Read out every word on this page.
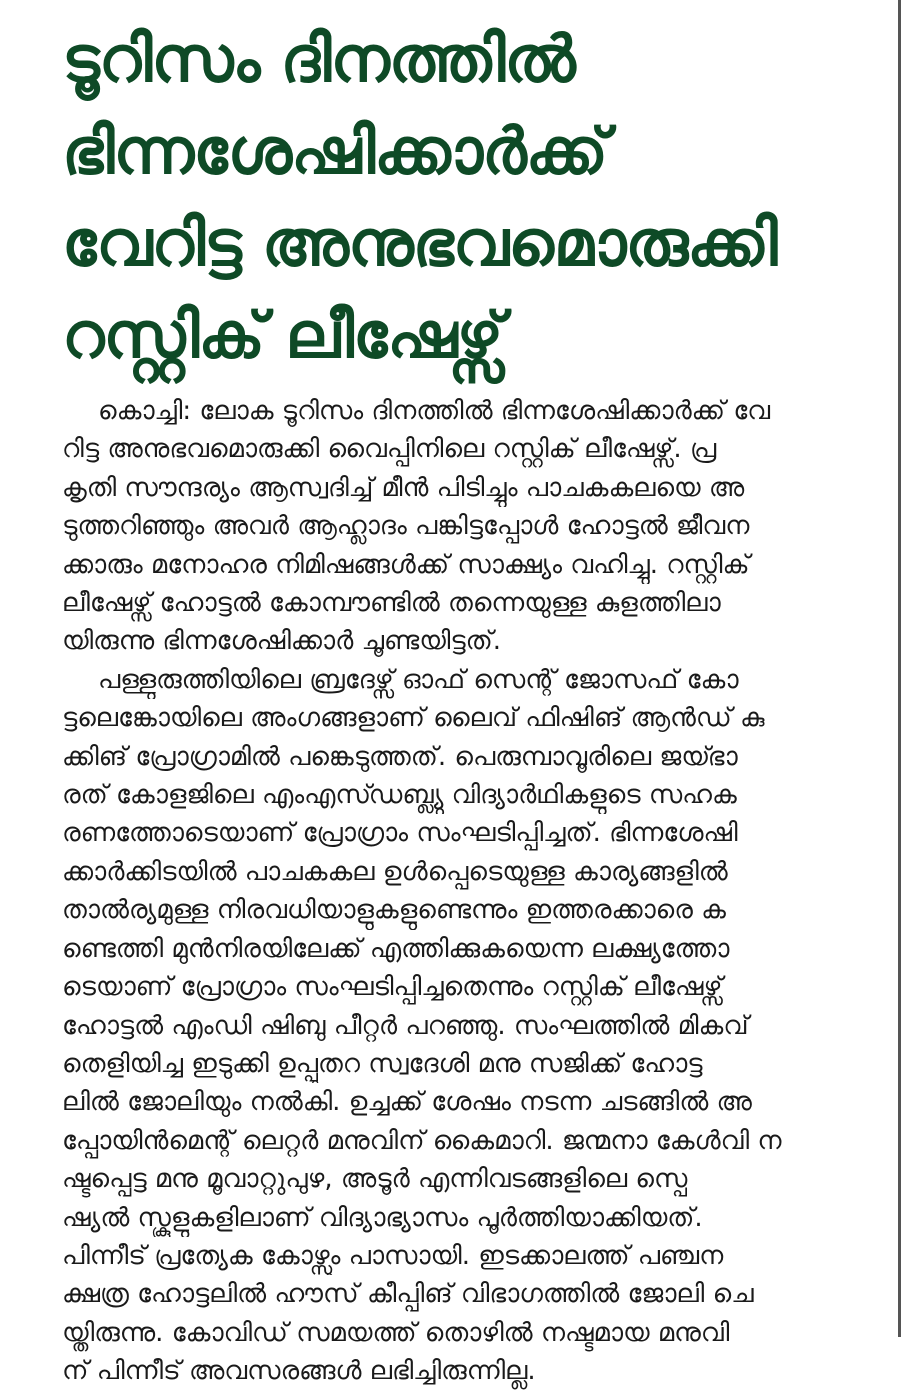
ടൂറിസം ദിനത്തിൽ
ഭിന്നശേഷിക്കാർക്ക്
വേറിട്ട അനുഭവമൊരുക്കി
റസ്റ്റിക് ലീഷേഴ്സ്
കൊച്ചി: ലോക ടൂറിസം ദിനത്തിൽ ഭിന്നശേഷിക്കാർക്ക് വേ
റിട്ട അനുഭവമൊരുക്കി വൈപ്പിനിലെ റസ്റ്റിക് ലീഷേഴ്സ്. പ്ര
കൃതി സൗന്ദര്യം ആസ്വദിച്ച് മീൻ പിടിച്ചും പാചകകലയെ അ
ടുത്തറിഞ്ഞും അവർ ആഹ്ലാദം പങ്കിട്ടപ്പോൾ ഹോട്ടൽ ജീവന
ക്കാരും മനോഹര നിമിഷങ്ങൾക്ക് സാക്ഷ്യം വഹിച്ചു. റസ്റ്റിക്
ലീഷേഴ്സ് ഹോട്ടൽ കോമ്പൗണ്ടിൽ തന്നെയുള്ള കുളത്തിലാ
യിരുന്നു ഭിന്നശേഷിക്കാർ ചൂണ്ടയിട്ടത്.
പള്ളുരുത്തിയിലെ ബ്രദേഴ്സ് ഓഫ് സെന്റ് ജോസഫ് കോ
ട്ടലെങ്കോയിലെ അംഗങ്ങളാണ് ലൈവ് ഫിഷിങ് ആൻഡ് കു
ക്കിങ് പ്രോഗ്രാമിൽ പങ്കെടുത്തത്. പെരുമ്പാവൂരിലെ ജയ്ഭാ
രത് കോളജിലെ എംഎസ്ഡബ്ല്യു വിദ്യാർഥികളുടെ സഹക
രണത്തോടെയാണ് പ്രോഗ്രാം സംഘടിപ്പിച്ചത്. ഭിന്നശേഷി
ക്കാർക്കിടയിൽ പാചകകല ഉൾപ്പെടെയുള്ള കാര്യങ്ങളിൽ
താൽര്യമുള്ള നിരവധിയാളുകളുണ്ടെന്നും ഇത്തരക്കാരെ ക
ണ്ടെത്തി മുൻനിരയിലേക്ക് എത്തിക്കുകയെന്ന ലക്ഷ്യത്തോ
ടെയാണ് പ്രോഗ്രാം സംഘടിപ്പിച്ചതെന്നും റസ്റ്റിക് ലീഷേഴ്സ്
ഹോട്ടൽ എംഡി ഷിബു പീറ്റർ പറഞ്ഞു. സംഘത്തിൽ മികവ്
തെളിയിച്ച ഇടുക്കി ഉപ്പുതറ സ്വദേശി മനു സജിക്ക് ഹോട്ട
ലിൽ ജോലിയും നൽകി. ഉച്ചക്ക് ശേഷം നടന്ന ചടങ്ങിൽ അ
പ്പോയിൻമെന്റ് ലെറ്റർ മനുവിന് കൈമാറി. ജന്മനാ കേൾവി ന
ഷ്ടപ്പെട്ട മനു മൂവാറ്റുപുഴ, അടൂർ എന്നിവടങ്ങളിലെ സ്പെ
ഷ്യൽ സ്കൂളുകളിലാണ് വിദ്യാഭ്യാസം പൂർത്തിയാക്കിയത്.
പിന്നീട് പ്രത്യേക കോഴ്സും പാസായി. ഇടക്കാലത്ത് പഞ്ചന
ക്ഷത്ര ഹോട്ടലിൽ ഹൗസ് കീപ്പിങ് വിഭാഗത്തിൽ ജോലി ചെ
യ്തിരുന്നു. കോവിഡ് സമയത്ത് തൊഴിൽ നഷ്ടമായ മനുവി
ന് പിന്നീട് അവസരങ്ങൾ ലഭിച്ചിരുന്നില്ല.
